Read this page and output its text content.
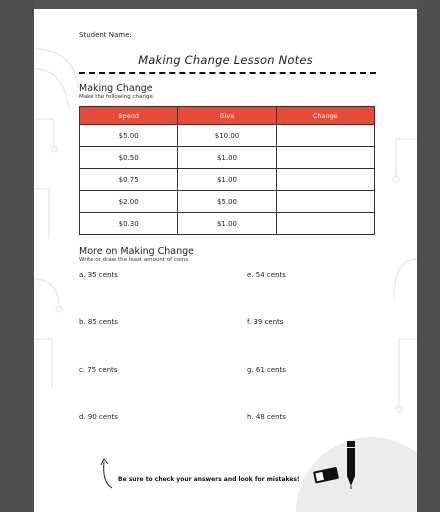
Student Name:
Making Change Lesson Notes
Making Change
Make the following change.
Spend	Give	Change
$5.00	$10.00	
$0.50	$1.00	
$0.75	$1.00	
$2.00	$5.00	
$0.30	$1.00	
More on Making Change
Write or draw the least amount of coins.
a. 35 cents	e. 54 cents
b. 85 cents	f. 39 cents
c. 75 cents	g. 61 cents
d. 90 cents	h. 48 cents
Be sure to check your answers and look for mistakes!
